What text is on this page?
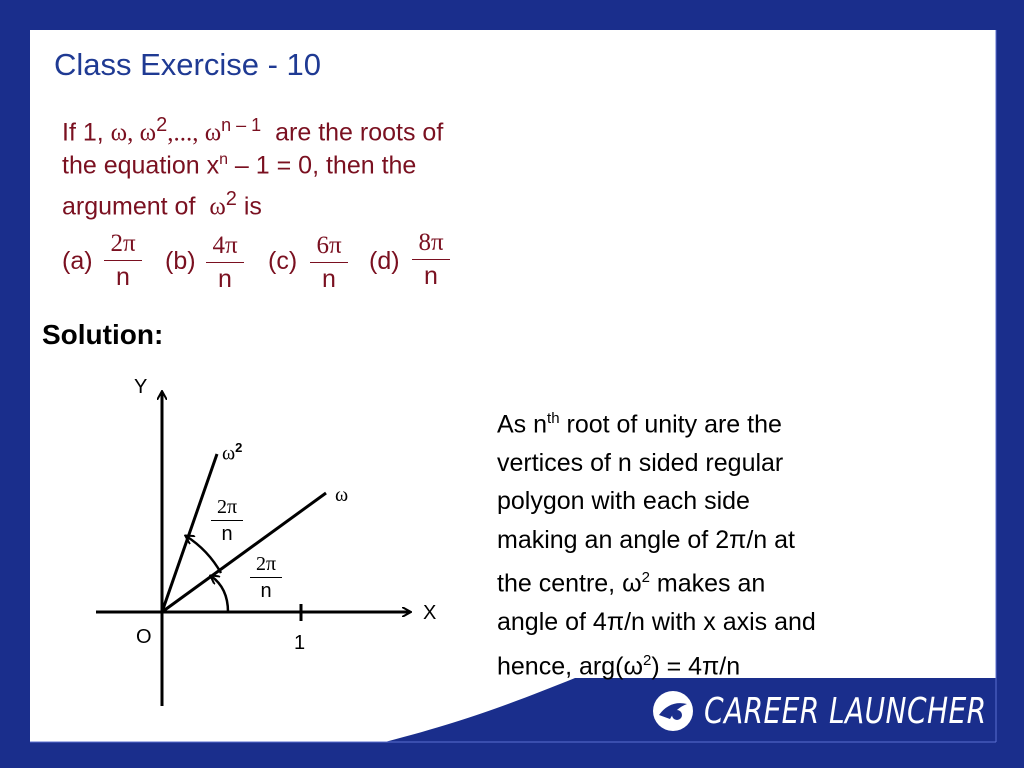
Class Exercise - 10
If 1, ω, $\omega^2$,..., $\omega^{n - 1}$ are the roots of
the equation $x^n - 1 = 0$, then the
argument of $\omega^2$ is
(a)
2π
n
(b)
4π
n
(c)
6π
n
(d)
8π
n
Solution:
Y
X
O	1
ω
$\omega^2$
2π
n
2π
n
As $n^{th}$ root of unity are the
vertices of n sided regular
polygon with each side
making an angle of 2π/n at
the centre, $\omega^2$ makes an
angle of 4π/n with x axis and
hence, $arg(\omega^2) = 4\pi/n$
CAREER LAUNCHER
